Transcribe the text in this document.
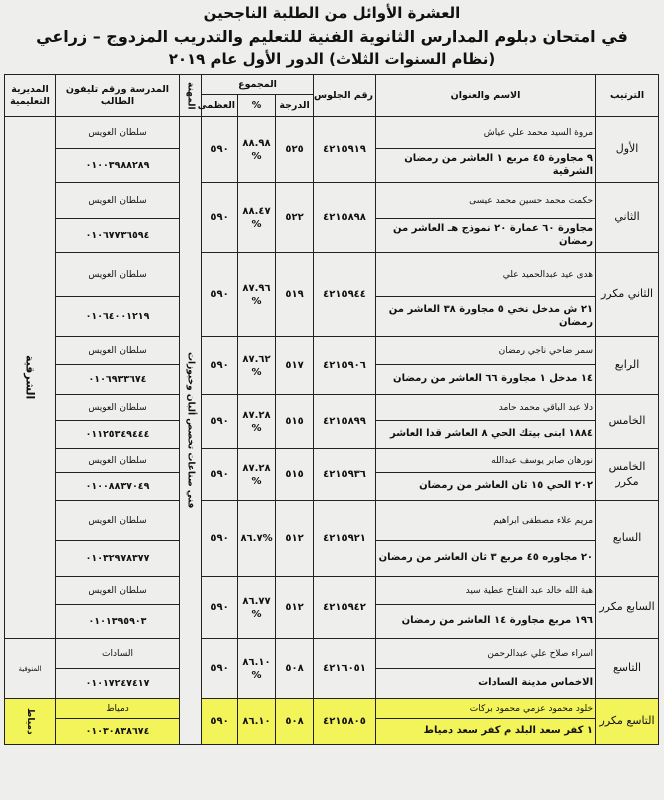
العشرة الأوائل من الطلبة الناجحين
في امتحان دبلوم المدارس الثانوية الفنية للتعليم والتدريب المزدوج – زراعي
(نظام السنوات الثلاث) الدور الأول عام ٢٠١٩
الترتيب	الاسم والعنوان	رقم الجلوس	المجموع			المهنة	المدرسة ورقم تليفون الطالب	المديرية التعليمية
			الدرجة	%	العظمى			
الأول	مروة السيد محمد علي عياش	٤٢١٥٩١٩	٥٢٥	٨٨.٩٨ %	٥٩٠	فني صناعات تخصص ألبان وخبوزات	سلطان العويس	الشرقية

	٩ مجاورة ٤٥ مربع ١ العاشر من رمضان الشرقية						٠١٠٠٣٩٨٨٢٨٩	
الثاني	حكمت محمد حسين محمد عيسى	٤٢١٥٨٩٨	٥٢٢	٨٨.٤٧ %	٥٩٠		سلطان العويس	
	مجاورة ٦٠ عمارة ٢٠ نموذج هـ العاشر من رمضان						٠١٠٦٧٧٣٦٥٩٤	
الثاني مكرر	هدى عيد عبدالحميد علي	٤٢١٥٩٤٤	٥١٩	٨٧.٩٦ %	٥٩٠		سلطان العويس	
	٢١ ش مدخل نخي ٥ مجاورة ٣٨ العاشر من رمضان						٠١٠٦٤٠٠١٢١٩	
الرابع	سمر ضاحي ناجي رمضان	٤٢١٥٩٠٦	٥١٧	٨٧.٦٢ %	٥٩٠		سلطان العويس	
	١٤ مدخل ١ مجاورة ٦٦ العاشر من رمضان						٠١٠٦٩٣٣٦٧٤	
الخامس	دلا عبد الباقي محمد حامد	٤٢١٥٨٩٩	٥١٥	٨٧.٢٨ %	٥٩٠		سلطان العويس	
	١٨٨٤ ابنى بيتك الحي ٨ العاشر قدا العاشر						٠١١٢٥٣٤٩٤٤٤	
الخامس مكرر	نورهان صابر يوسف عبدالله	٤٢١٥٩٣٦	٥١٥	٨٧.٢٨ %	٥٩٠		سلطان العويس	
	٢٠٢ الحي ١٥ ثان العاشر من رمضان						٠١٠٠٨٨٣٧٠٤٩	
السابع	مريم علاء مصطفى ابراهيم	٤٢١٥٩٢١	٥١٢	%٨٦.٧	٥٩٠		سلطان العويس	
	٢٠ مجاوره ٤٥ مربع ٣ ثان العاشر من رمضان						٠١٠٣٢٩٧٨٣٧٧	
السابع مكرر	هبة الله خالد عبد الفتاح عطية سيد	٤٢١٥٩٤٢	٥١٢	٨٦.٧٧ %	٥٩٠		سلطان العويس	
	١٩٦ مربع مجاورة ١٤ العاشر من رمضان						٠١٠١٣٩٥٩٠٣	
التاسع	اسراء صلاح علي عبدالرحمن	٤٢١٦٠٥١	٥٠٨	٨٦.١٠ %	٥٩٠		السادات	المنوفية
	الاخماس مدينة السادات						٠١٠١٧٢٤٧٤١٧	
التاسع مكرر	خلود محمود عزمي محمود بركات	٤٢١٥٨٠٥	٥٠٨	٨٦.١٠	٥٩٠		دمياط	دمياط

	١ كفر سعد البلد م كفر سعد دمياط						٠١٠٣٠٨٣٨٦٧٤	
